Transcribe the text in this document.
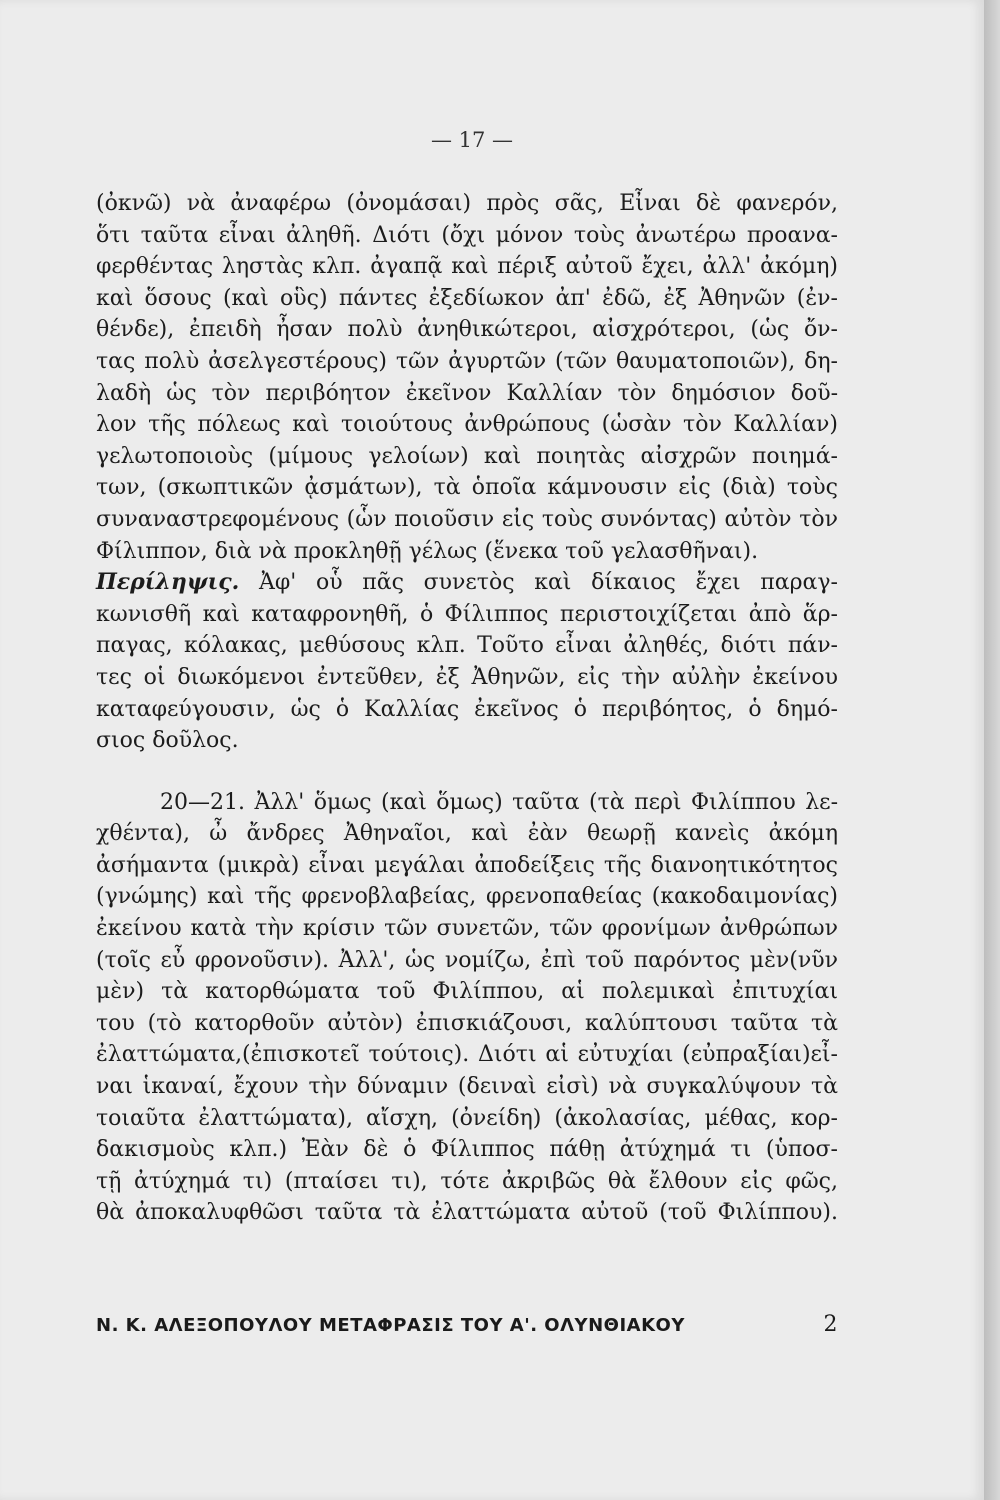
— 17 —
(ὀκνῶ) νὰ ἀναφέρω (ὀνομάσαι) πρὸς σᾶς, Εἶναι δὲ φανερόν,
ὅτι ταῦτα εἶναι ἀληθῆ. Διότι (ὄχι μόνον τοὺς ἀνωτέρω προανα-
φερθέντας ληστὰς κλπ. ἀγαπᾷ καὶ πέριξ αὐτοῦ ἔχει, ἀλλ' ἀκόμη)
καὶ ὅσους (καὶ οὓς) πάντες ἐξεδίωκον ἀπ' ἐδῶ, ἐξ Ἀθηνῶν (ἐν-
θένδε), ἐπειδὴ ἦσαν πολὺ ἀνηθικώτεροι, αἰσχρότεροι, (ὡς ὄν-
τας πολὺ ἀσελγεστέρους) τῶν ἀγυρτῶν (τῶν θαυματοποιῶν), δη-
λαδὴ ὡς τὸν περιβόητον ἐκεῖνον Καλλίαν τὸν δημόσιον δοῦ-
λον τῆς πόλεως καὶ τοιούτους ἀνθρώπους (ὡσὰν τὸν Καλλίαν)
γελωτοποιοὺς (μίμους γελοίων) καὶ ποιητὰς αἰσχρῶν ποιημά-
των, (σκωπτικῶν ᾀσμάτων), τὰ ὁποῖα κάμνουσιν εἰς (διὰ) τοὺς
συναναστρεφομένους (ὧν ποιοῦσιν εἰς τοὺς συνόντας) αὐτὸν τὸν
Φίλιππον, διὰ νὰ προκληθῇ γέλως (ἕνεκα τοῦ γελασθῆναι).
Περίληψις. Ἀφ' οὗ πᾶς συνετὸς καὶ δίκαιος ἔχει παραγ-
κωνισθῆ καὶ καταφρονηθῆ, ὁ Φίλιππος περιστοιχίζεται ἀπὸ ἅρ-
παγας, κόλακας, μεθύσους κλπ. Τοῦτο εἶναι ἀληθές, διότι πάν-
τες οἱ διωκόμενοι ἐντεῦθεν, ἐξ Ἀθηνῶν, εἰς τὴν αὐλὴν ἐκείνου
καταφεύγουσιν, ὡς ὁ Καλλίας ἐκεῖνος ὁ περιβόητος, ὁ δημό-
σιος δοῦλος.
20—21. Ἀλλ' ὅμως (καὶ ὅμως) ταῦτα (τὰ περὶ Φιλίππου λε-
χθέντα), ὦ ἄνδρες Ἀθηναῖοι, καὶ ἐὰν θεωρῇ κανεὶς ἀκόμη
ἀσήμαντα (μικρὰ) εἶναι μεγάλαι ἀποδείξεις τῆς διανοητικότητος
(γνώμης) καὶ τῆς φρενοβλαβείας, φρενοπαθείας (κακοδαιμονίας)
ἐκείνου κατὰ τὴν κρίσιν τῶν συνετῶν, τῶν φρονίμων ἀνθρώπων
(τοῖς εὖ φρονοῦσιν). Ἀλλ', ὡς νομίζω, ἐπὶ τοῦ παρόντος μὲν(νῦν
μὲν) τὰ κατορθώματα τοῦ Φιλίππου, αἱ πολεμικαὶ ἐπιτυχίαι
του (τὸ κατορθοῦν αὐτὸν) ἐπισκιάζουσι, καλύπτουσι ταῦτα τὰ
ἐλαττώματα,(ἐπισκοτεῖ τούτοις). Διότι αἱ εὐτυχίαι (εὐπραξίαι)εἶ-
ναι ἱκαναί, ἔχουν τὴν δύναμιν (δειναὶ εἰσὶ) νὰ συγκαλύψουν τὰ
τοιαῦτα ἐλαττώματα), αἴσχη, (ὀνείδη) (ἀκολασίας, μέθας, κορ-
δακισμοὺς κλπ.) Ἐὰν δὲ ὁ Φίλιππος πάθῃ ἀτύχημά τι (ὑποσ-
τῇ ἀτύχημά τι) (πταίσει τι), τότε ἀκριβῶς θὰ ἔλθουν εἰς φῶς,
θὰ ἀποκαλυφθῶσι ταῦτα τὰ ἐλαττώματα αὐτοῦ (τοῦ Φιλίππου).
Ν. Κ. ΑΛΕΞΟΠΟΥΛΟΥ ΜΕΤΑΦΡΑΣΙΣ ΤΟΥ Α'. ΟΛΥΝΘΙΑΚΟΥ	2
